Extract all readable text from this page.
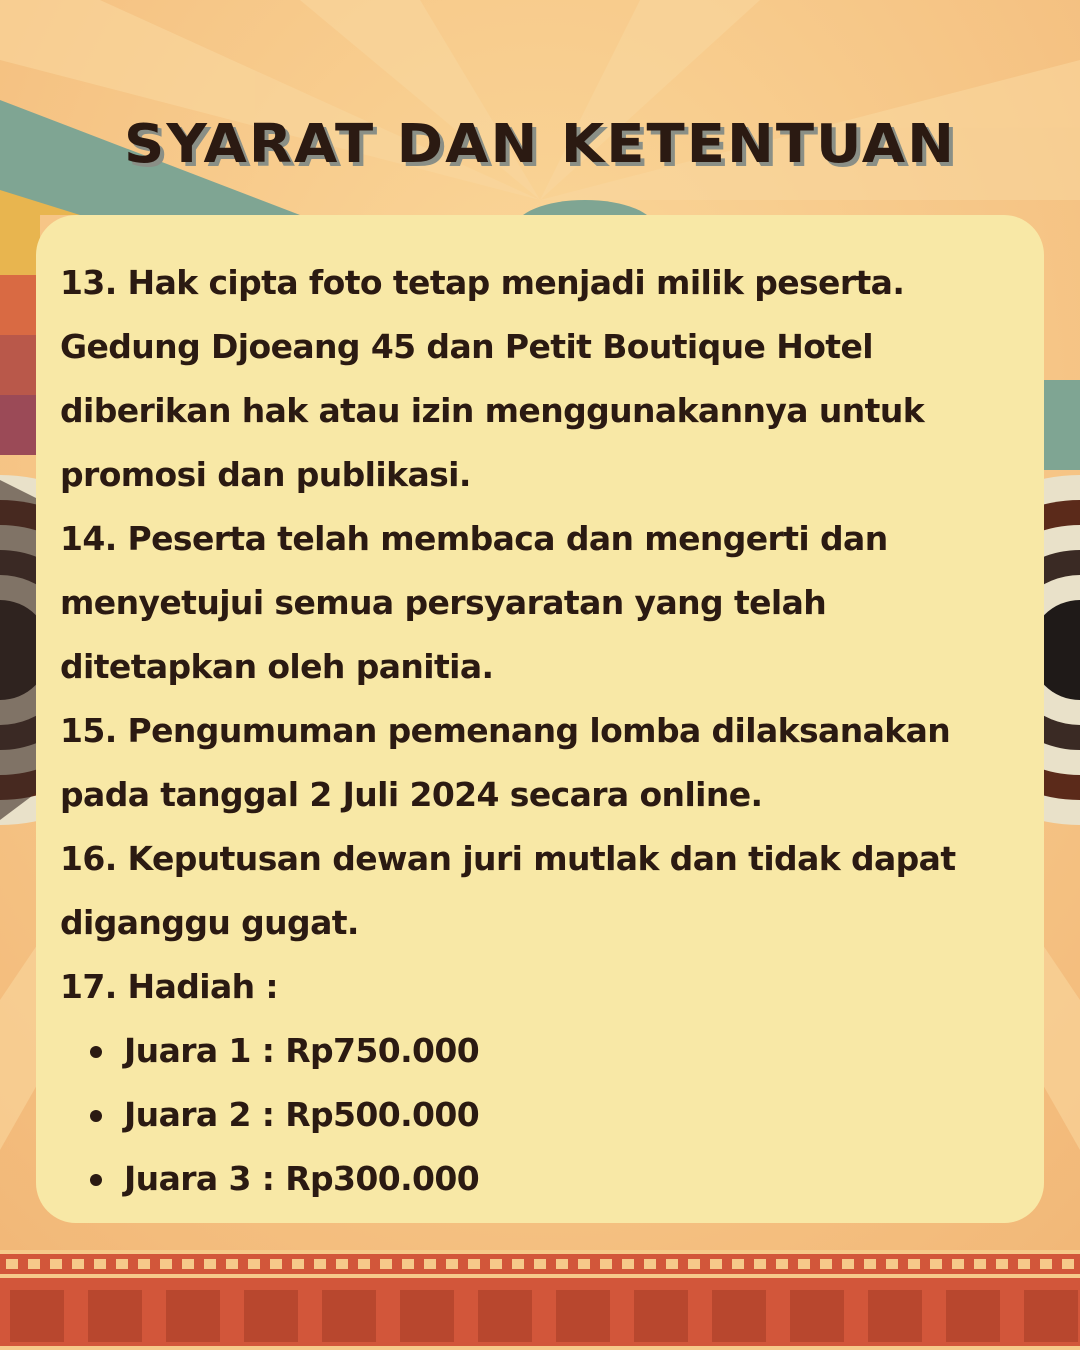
SYARAT DAN KETENTUAN

13. Hak cipta foto tetap menjadi milik peserta. Gedung Djoeang 45 dan Petit Boutique Hotel diberikan hak atau izin menggunakannya untuk promosi dan publikasi.

14. Peserta telah membaca dan mengerti dan menyetujui semua persyaratan yang telah ditetapkan oleh panitia.

15. Pengumuman pemenang lomba dilaksanakan pada tanggal 2 Juli 2024 secara online.

16. Keputusan dewan juri mutlak dan tidak dapat diganggu gugat.

17. Hadiah :

Juara 1 : Rp750.000
Juara 2 : Rp500.000
Juara 3 : Rp300.000
